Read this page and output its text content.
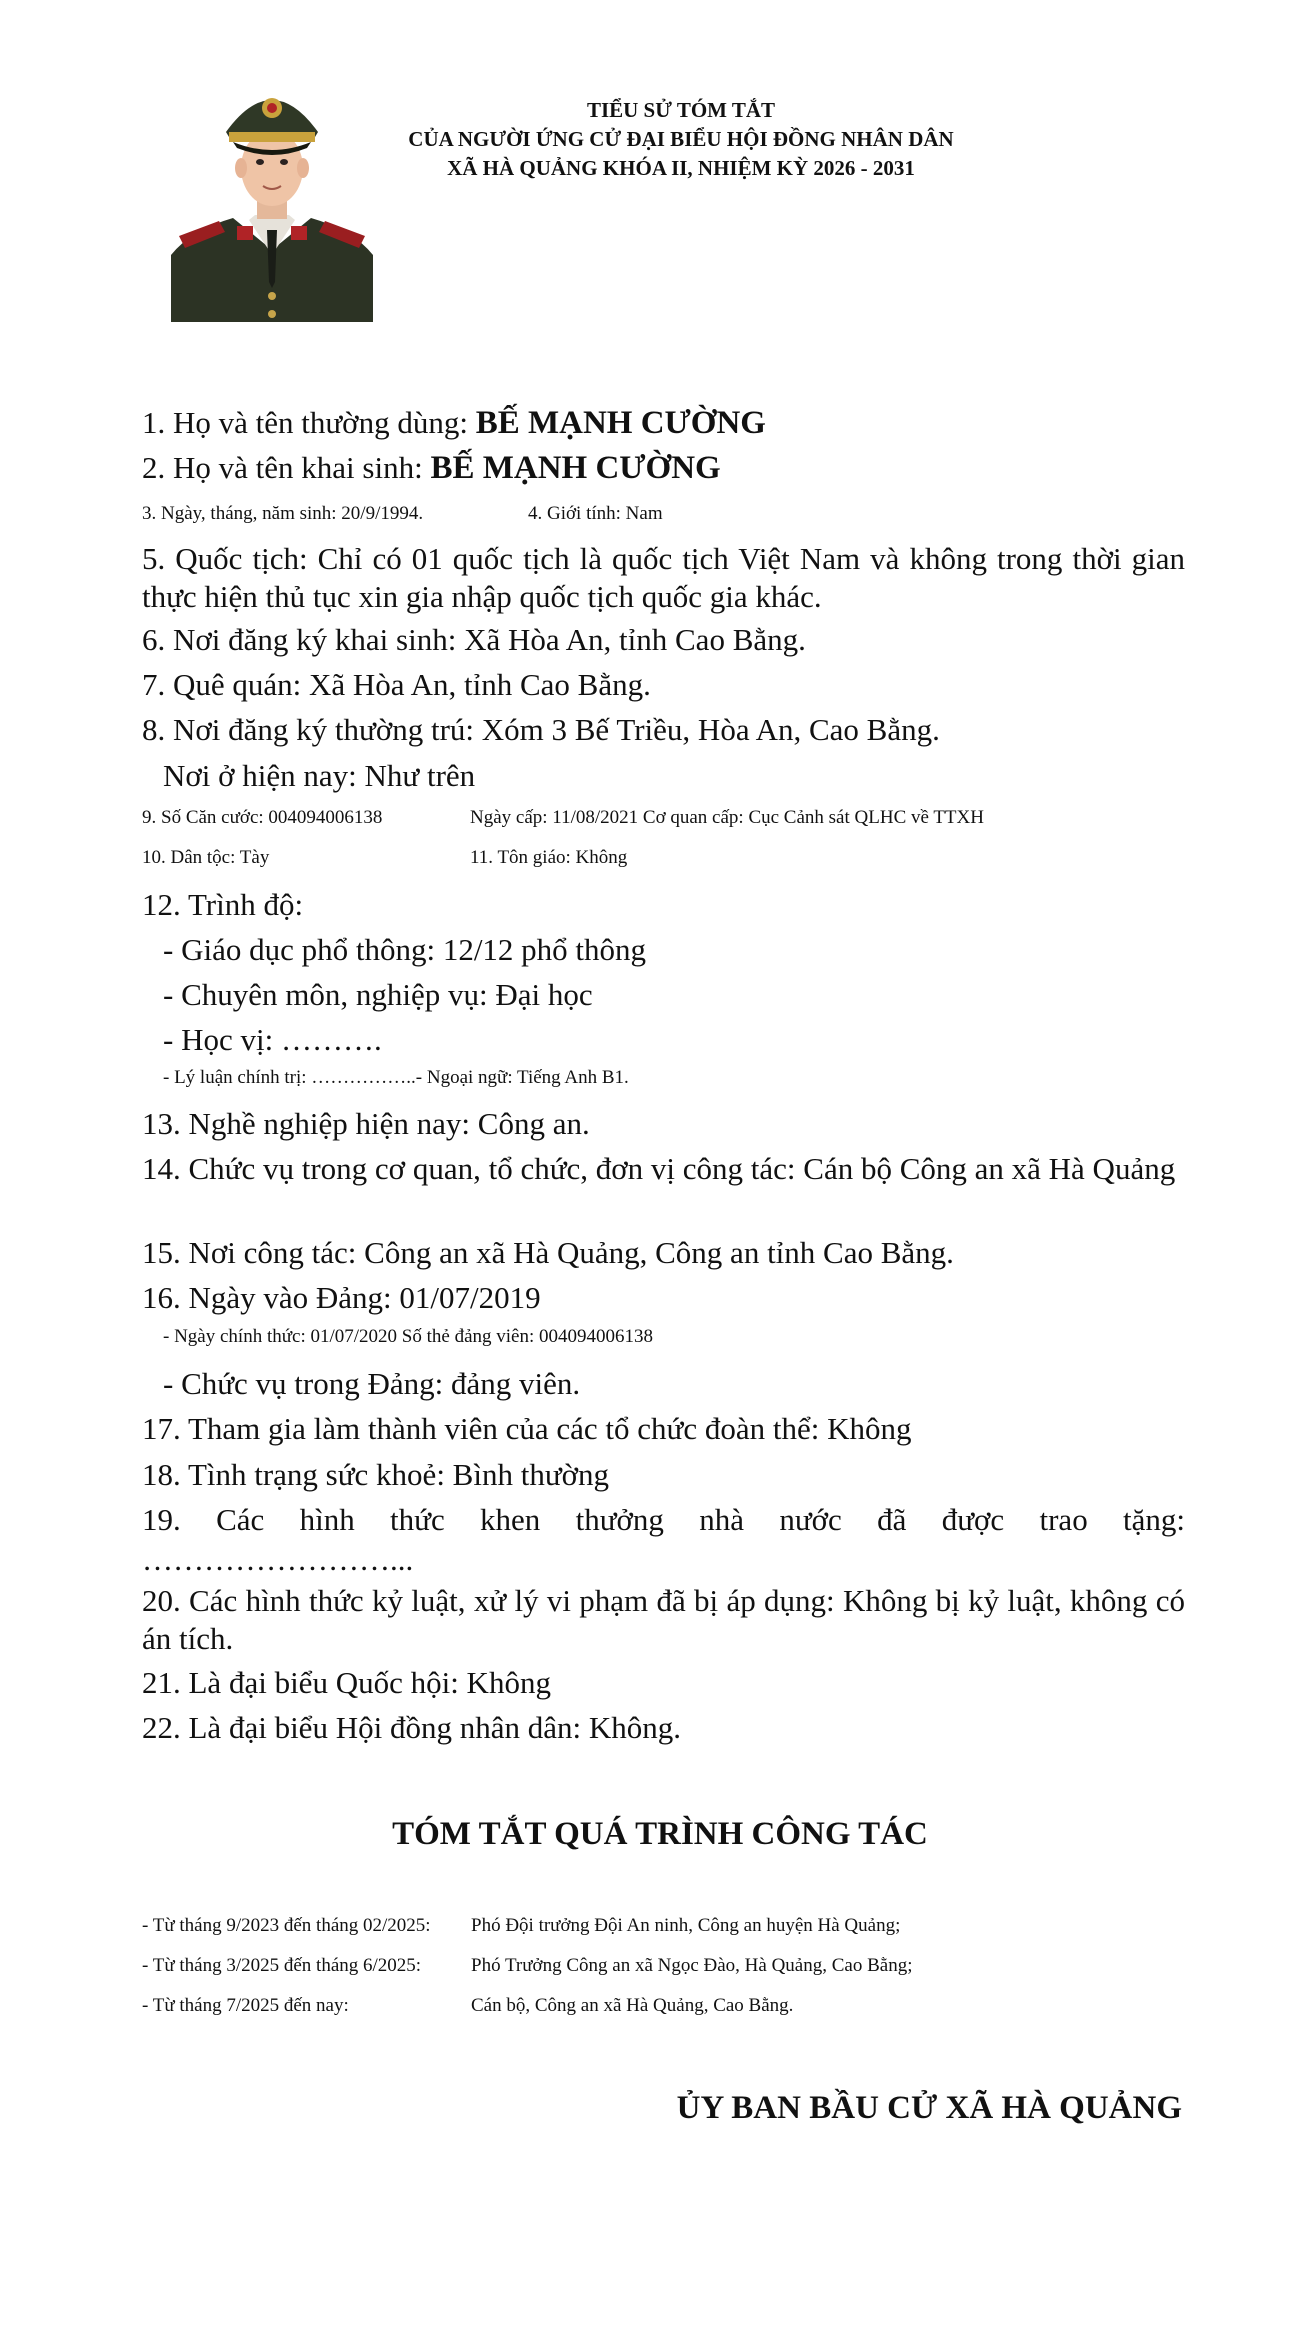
TIỂU SỬ TÓM TẮT
CỦA NGƯỜI ỨNG CỬ ĐẠI BIỂU HỘI ĐỒNG NHÂN DÂN
XÃ HÀ QUẢNG KHÓA II, NHIỆM KỲ 2026 - 2031
1. Họ và tên thường dùng: BẾ MẠNH CƯỜNG
2. Họ và tên khai sinh: BẾ MẠNH CƯỜNG
3. Ngày, tháng, năm sinh: 20/9/1994.	4. Giới tính: Nam
5. Quốc tịch: Chỉ có 01 quốc tịch là quốc tịch Việt Nam và không trong thời gian thực hiện thủ tục xin gia nhập quốc tịch quốc gia khác.
6. Nơi đăng ký khai sinh: Xã Hòa An, tỉnh Cao Bằng.
7. Quê quán: Xã Hòa An, tỉnh Cao Bằng.
8. Nơi đăng ký thường trú: Xóm 3 Bế Triều, Hòa An, Cao Bằng.
Nơi ở hiện nay: Như trên
9. Số Căn cước: 004094006138	Ngày cấp: 11/08/2021 Cơ quan cấp: Cục Cảnh sát QLHC về TTXH
10. Dân tộc: Tày	11. Tôn giáo: Không
12. Trình độ:
- Giáo dục phổ thông: 12/12 phổ thông
- Chuyên môn, nghiệp vụ: Đại học
- Học vị: ……….
- Lý luận chính trị: ……………..- Ngoại ngữ: Tiếng Anh B1.
13. Nghề nghiệp hiện nay: Công an.
14. Chức vụ trong cơ quan, tổ chức, đơn vị công tác: Cán bộ Công an xã Hà Quảng
15. Nơi công tác: Công an xã Hà Quảng, Công an tỉnh Cao Bằng.
16. Ngày vào Đảng: 01/07/2019
- Ngày chính thức: 01/07/2020 Số thẻ đảng viên: 004094006138
- Chức vụ trong Đảng: đảng viên.
17. Tham gia làm thành viên của các tổ chức đoàn thể: Không
18. Tình trạng sức khoẻ: Bình thường
19. Các hình thức khen thưởng nhà nước đã được trao tặng:
……………………...
20. Các hình thức kỷ luật, xử lý vi phạm đã bị áp dụng: Không bị kỷ luật, không có án tích.
21. Là đại biểu Quốc hội: Không
22. Là đại biểu Hội đồng nhân dân: Không.
TÓM TẮT QUÁ TRÌNH CÔNG TÁC
- Từ tháng 9/2023 đến tháng 02/2025: Phó Đội trưởng Đội An ninh, Công an huyện Hà Quảng;
- Từ tháng 3/2025 đến tháng 6/2025:	Phó Trưởng Công an xã Ngọc Đào, Hà Quảng, Cao Bằng;
- Từ tháng 7/2025 đến nay:	Cán bộ, Công an xã Hà Quảng, Cao Bằng.
ỦY BAN BẦU CỬ XÃ HÀ QUẢNG
